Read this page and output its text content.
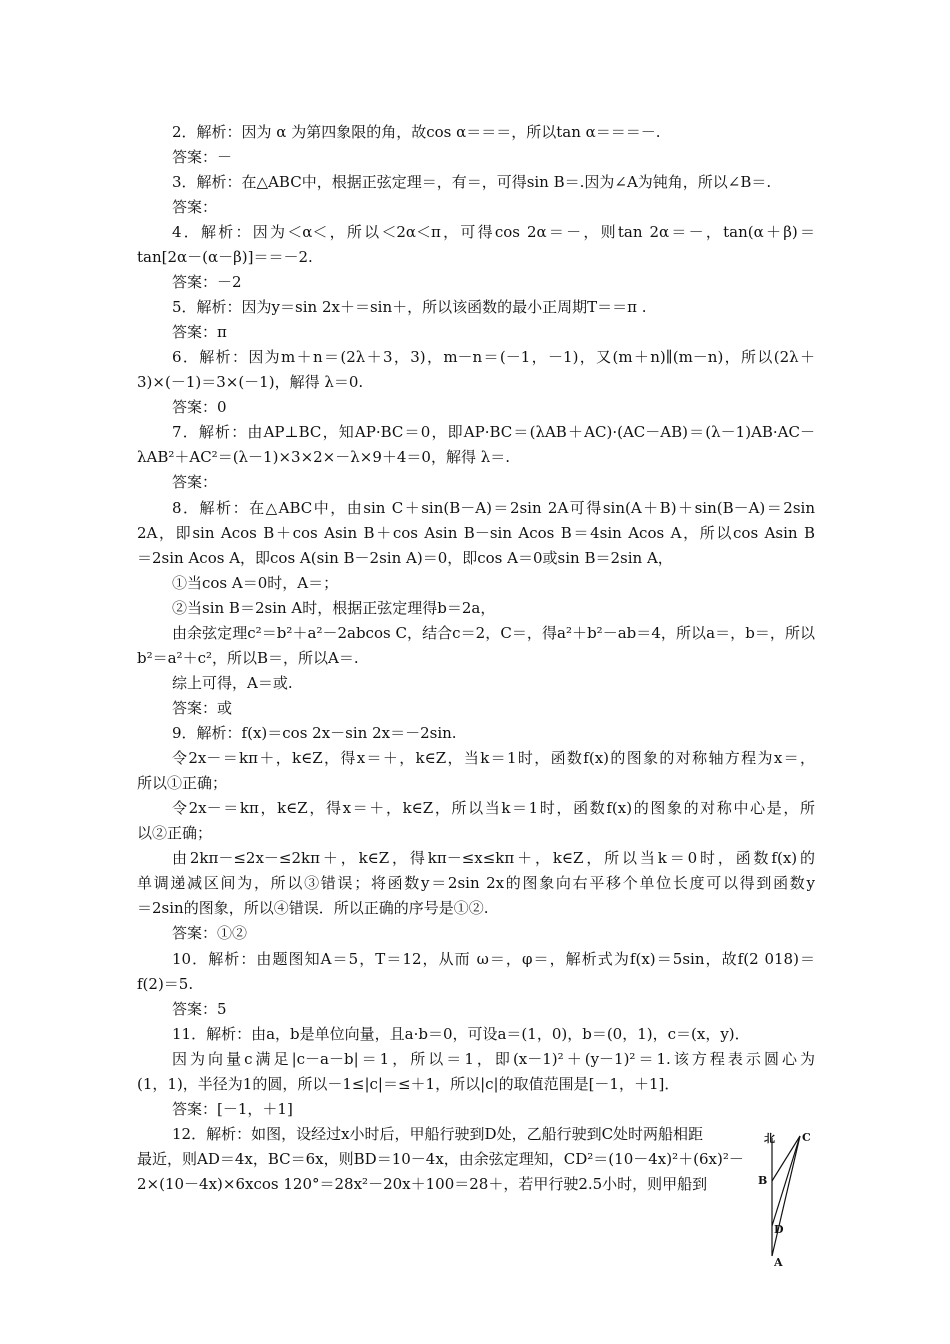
2．解析：因为 α 为第四象限的角，故cos α＝＝＝，所以tan α＝＝＝－.
答案：－
3．解析：在△ABC中，根据正弦定理＝，有＝，可得sin B＝.因为∠A为钝角，所以∠B＝.
答案：
4．解析：因为＜α＜，所以＜2α＜π，可得cos 2α＝－，则tan 2α＝－，tan(α＋β)＝
tan[2α－(α－β)]＝＝－2.
答案：－2
5．解析：因为y＝sin 2x＋＝sin＋，所以该函数的最小正周期T＝＝π .
答案：π
6．解析：因为m＋n＝(2λ＋3，3)，m－n＝(－1，－1)，又(m＋n)∥(m－n)，所以(2λ＋
3)×(－1)＝3×(－1)，解得 λ＝0.
答案：0
7．解析：由AP⊥BC，知AP·BC＝0，即AP·BC＝(λAB＋AC)·(AC－AB)＝(λ－1)AB·AC－
λAB²＋AC²＝(λ－1)×3×2×－λ×9＋4＝0，解得 λ＝.
答案：
8．解析：在△ABC中，由sin C＋sin(B－A)＝2sin 2A可得sin(A＋B)＋sin(B－A)＝2sin
2A，即sin Acos B＋cos Asin B＋cos Asin B－sin Acos B＝4sin Acos A，所以cos Asin B
＝2sin Acos A，即cos A(sin B－2sin A)＝0，即cos A＝0或sin B＝2sin A，
①当cos A＝0时，A＝；
②当sin B＝2sin A时，根据正弦定理得b＝2a，
由余弦定理c²＝b²＋a²－2abcos C，结合c＝2，C＝，得a²＋b²－ab＝4，所以a＝，b＝，所以
b²＝a²＋c²，所以B＝，所以A＝.
综上可得，A＝或.
答案：或
9．解析：f(x)＝cos 2x－sin 2x＝－2sin.
令2x－＝kπ＋，k∈Z，得x＝＋，k∈Z，当k＝1时，函数f(x)的图象的对称轴方程为x＝，
所以①正确；
令2x－＝kπ，k∈Z，得x＝＋，k∈Z，所以当k＝1时，函数f(x)的图象的对称中心是，所
以②正确；
由2kπ－≤2x－≤2kπ＋，k∈Z，得kπ－≤x≤kπ＋，k∈Z，所以当k＝0时，函数f(x)的
单调递减区间为，所以③错误；将函数y＝2sin 2x的图象向右平移个单位长度可以得到函数y
＝2sin的图象，所以④错误．所以正确的序号是①②.
答案：①②
10．解析：由题图知A＝5，T＝12，从而 ω＝，φ＝，解析式为f(x)＝5sin，故f(2 018)＝
f(2)＝5.
答案：5
11．解析：由a，b是单位向量，且a·b＝0，可设a＝(1，0)，b＝(0，1)，c＝(x，y)．
因为向量c满足|c－a－b|＝1，所以＝1，即(x－1)²＋(y－1)²＝1.该方程表示圆心为
(1，1)，半径为1的圆，所以－1≤|c|＝≤＋1，所以|c|的取值范围是[－1，＋1]．
答案：[－1，＋1]
12．解析：如图，设经过x小时后，甲船行驶到D处，乙船行驶到C处时两船相距
最近，则AD＝4x，BC＝6x，则BD＝10－4x，由余弦定理知，CD²＝(10－4x)²＋(6x)²－
2×(10－4x)×6xcos 120°＝28x²－20x＋100＝28＋，若甲行驶2.5小时，则甲船到
北 C
B
D
A
